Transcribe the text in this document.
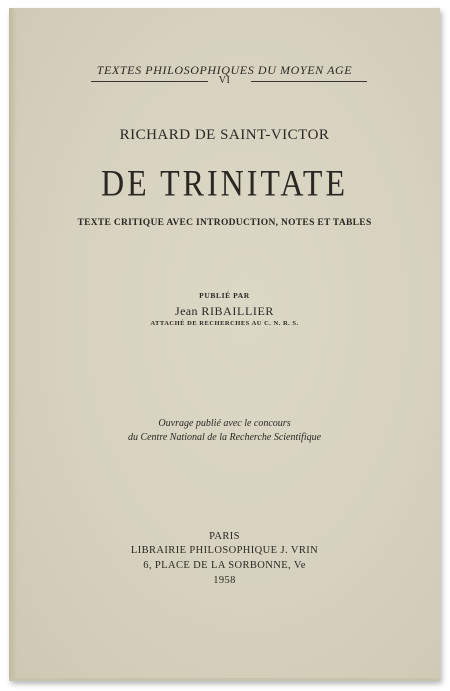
TEXTES PHILOSOPHIQUES DU MOYEN AGE
VI
RICHARD DE SAINT-VICTOR
DE TRINITATE
TEXTE CRITIQUE AVEC INTRODUCTION, NOTES ET TABLES
PUBLIÉ PAR
Jean RIBAILLIER
ATTACHÉ DE RECHERCHES AU C. N. R. S.
Ouvrage publié avec le concours
du Centre National de la Recherche Scientifique
PARIS
LIBRAIRIE PHILOSOPHIQUE J. VRIN
6, PLACE DE LA SORBONNE, Ve
1958
